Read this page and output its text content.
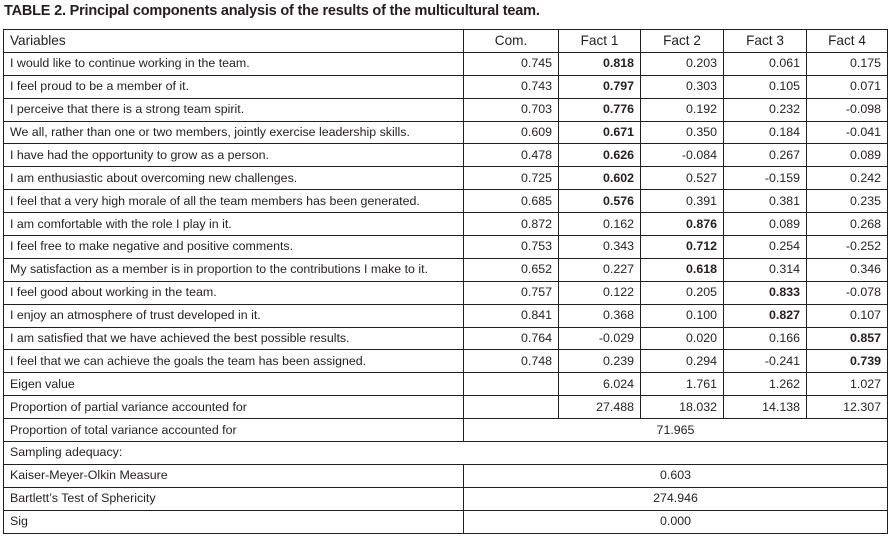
TABLE 2. Principal components analysis of the results of the multicultural team.
Variables	Com.	Fact 1	Fact 2	Fact 3	Fact 4
I would like to continue working in the team.	0.745	0.818	0.203	0.061	0.175
I feel proud to be a member of it.	0.743	0.797	0.303	0.105	0.071
I perceive that there is a strong team spirit.	0.703	0.776	0.192	0.232	-0.098
We all, rather than one or two members, jointly exercise leadership skills.	0.609	0.671	0.350	0.184	-0.041
I have had the opportunity to grow as a person.	0.478	0.626	-0.084	0.267	0.089
I am enthusiastic about overcoming new challenges.	0.725	0.602	0.527	-0.159	0.242
I feel that a very high morale of all the team members has been generated.	0.685	0.576	0.391	0.381	0.235
I am comfortable with the role I play in it.	0.872	0.162	0.876	0.089	0.268
I feel free to make negative and positive comments.	0.753	0.343	0.712	0.254	-0.252
My satisfaction as a member is in proportion to the contributions I make to it.	0.652	0.227	0.618	0.314	0.346
I feel good about working in the team.	0.757	0.122	0.205	0.833	-0.078
I enjoy an atmosphere of trust developed in it.	0.841	0.368	0.100	0.827	0.107
I am satisfied that we have achieved the best possible results.	0.764	-0.029	0.020	0.166	0.857
I feel that we can achieve the goals the team has been assigned.	0.748	0.239	0.294	-0.241	0.739
Eigen value		6.024	1.761	1.262	1.027
Proportion of partial variance accounted for		27.488	18.032	14.138	12.307
Proportion of total variance accounted for	71.965				
Sampling adequacy:					
Kaiser-Meyer-Olkin Measure	0.603				
Bartlett’s Test of Sphericity	274.946				
Sig	0.000				
